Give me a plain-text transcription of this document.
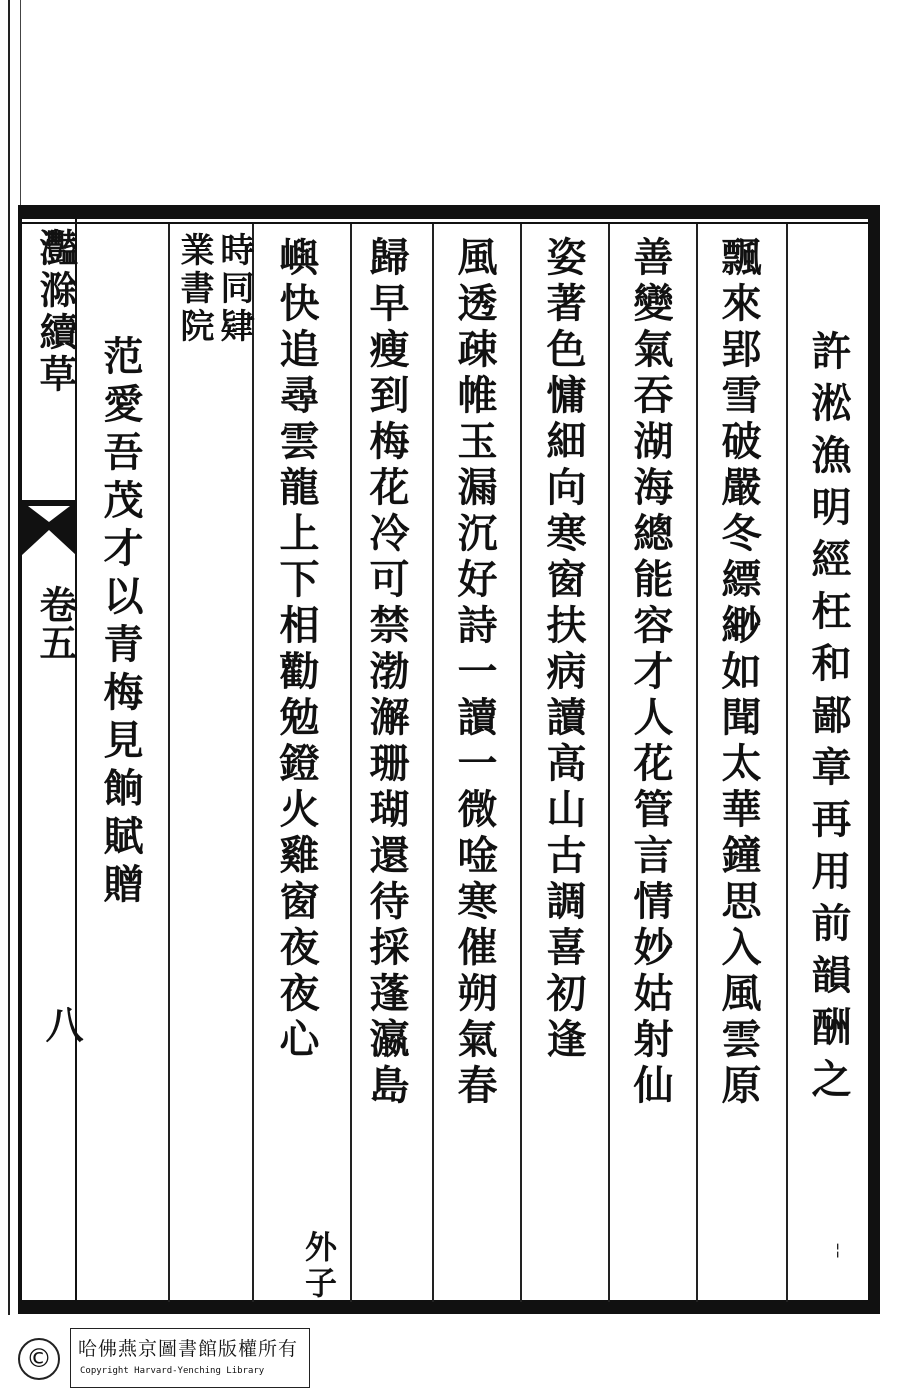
灩滁續草
卷五
八	許淞漁明經枉和鄙章再用前韻酬之
飄來郢雪破嚴冬縹緲如聞太華鐘思入風雲原
善變氣吞湖海總能容才人花管言情妙姑射仙
姿著色慵細向寒窗扶病讀高山古調喜初逢
風透疎帷玉漏沉好詩一讀一微唫寒催朔氣春
歸早瘦到梅花冷可禁渤澥珊瑚還待採蓬瀛島
嶼快追尋雲龍上下相勸勉鐙火雞窗夜夜心
外子
時同肄
業書院
范愛吾茂才以青梅見餉賦贈
¦
©	哈佛燕京圖書館版權所有
Copyright Harvard-Yenching Library
